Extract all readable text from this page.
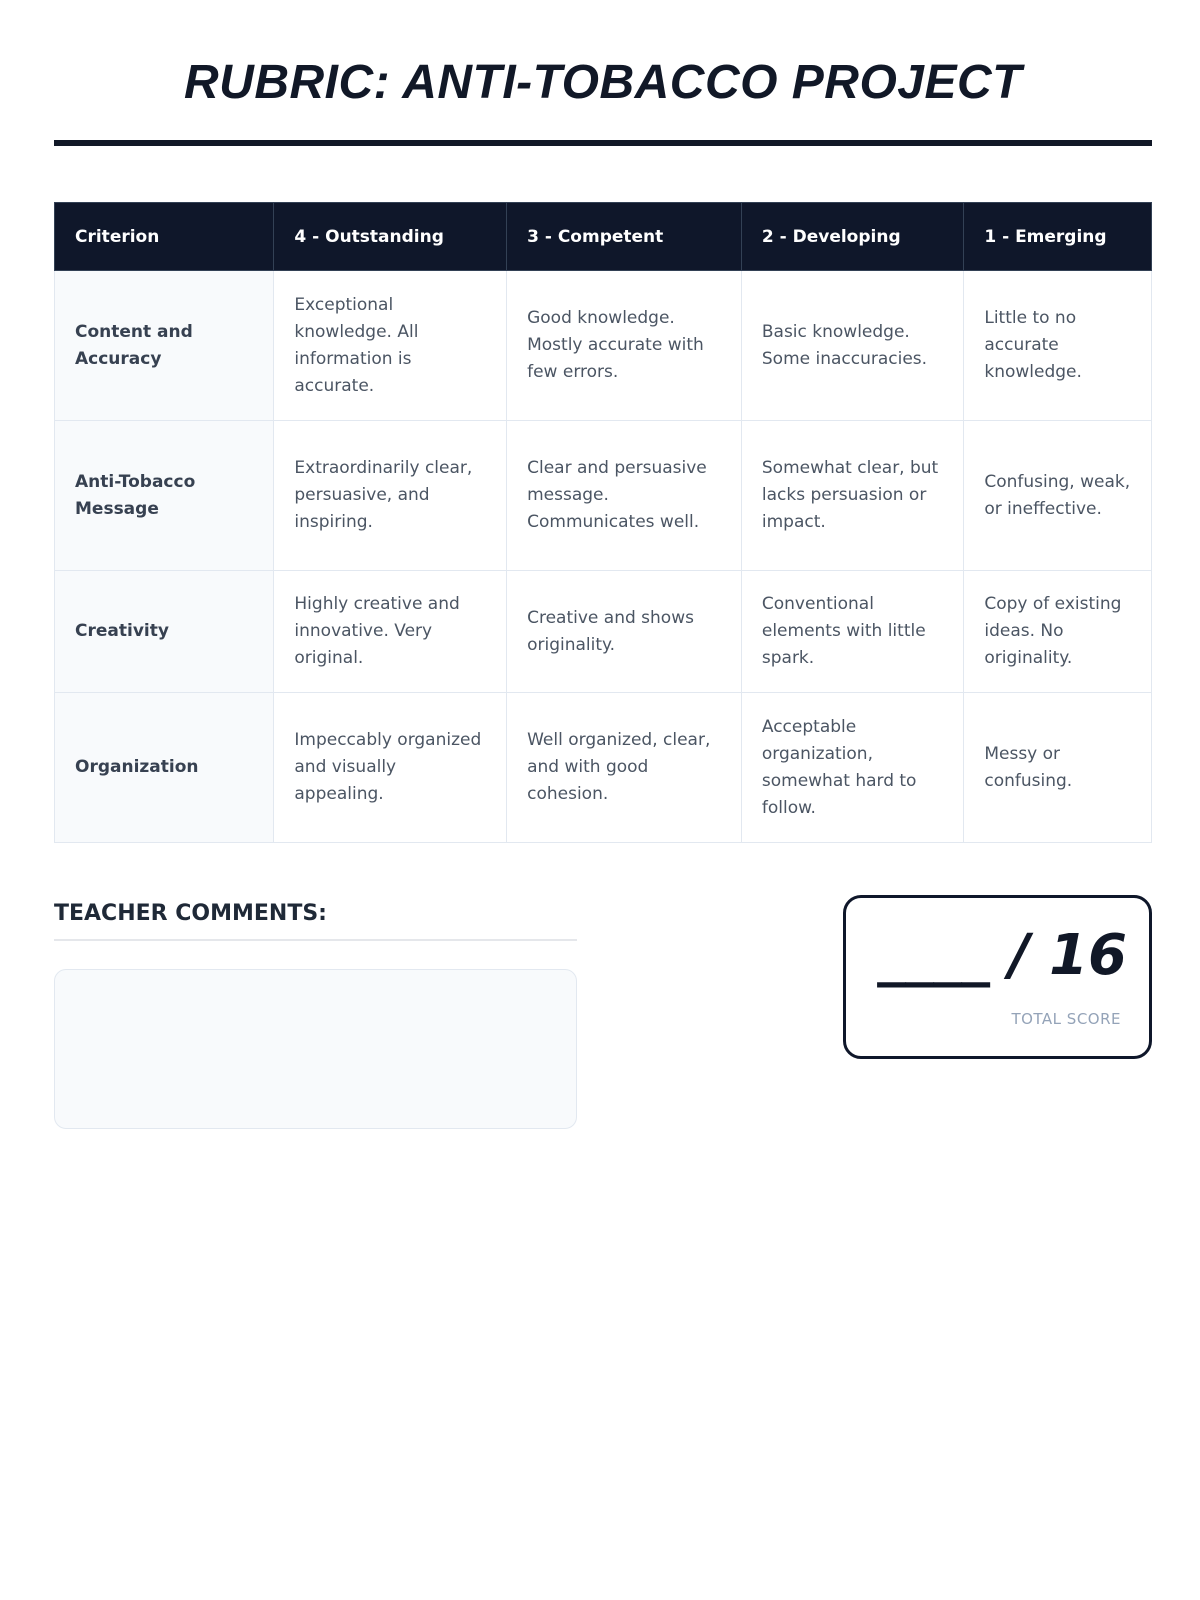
RUBRIC: ANTI-TOBACCO PROJECT
Criterion	4 - Outstanding	3 - Competent	2 - Developing	1 - Emerging
Content and Accuracy	Exceptional knowledge. All information is accurate.	Good knowledge. Mostly accurate with few errors.	Basic knowledge. Some inaccuracies.	Little to no accurate knowledge.
Anti-Tobacco Message	Extraordinarily clear, persuasive, and inspiring.	Clear and persuasive message. Communicates well.	Somewhat clear, but lacks persuasion or impact.	Confusing, weak, or ineffective.
Creativity	Highly creative and innovative. Very original.	Creative and shows originality.	Conventional elements with little spark.	Copy of existing ideas. No originality.
Organization	Impeccably organized and visually appealing.	Well organized, clear, and with good cohesion.	Acceptable organization, somewhat hard to follow.	Messy or confusing.
TEACHER COMMENTS:
____ / 16
TOTAL SCORE
